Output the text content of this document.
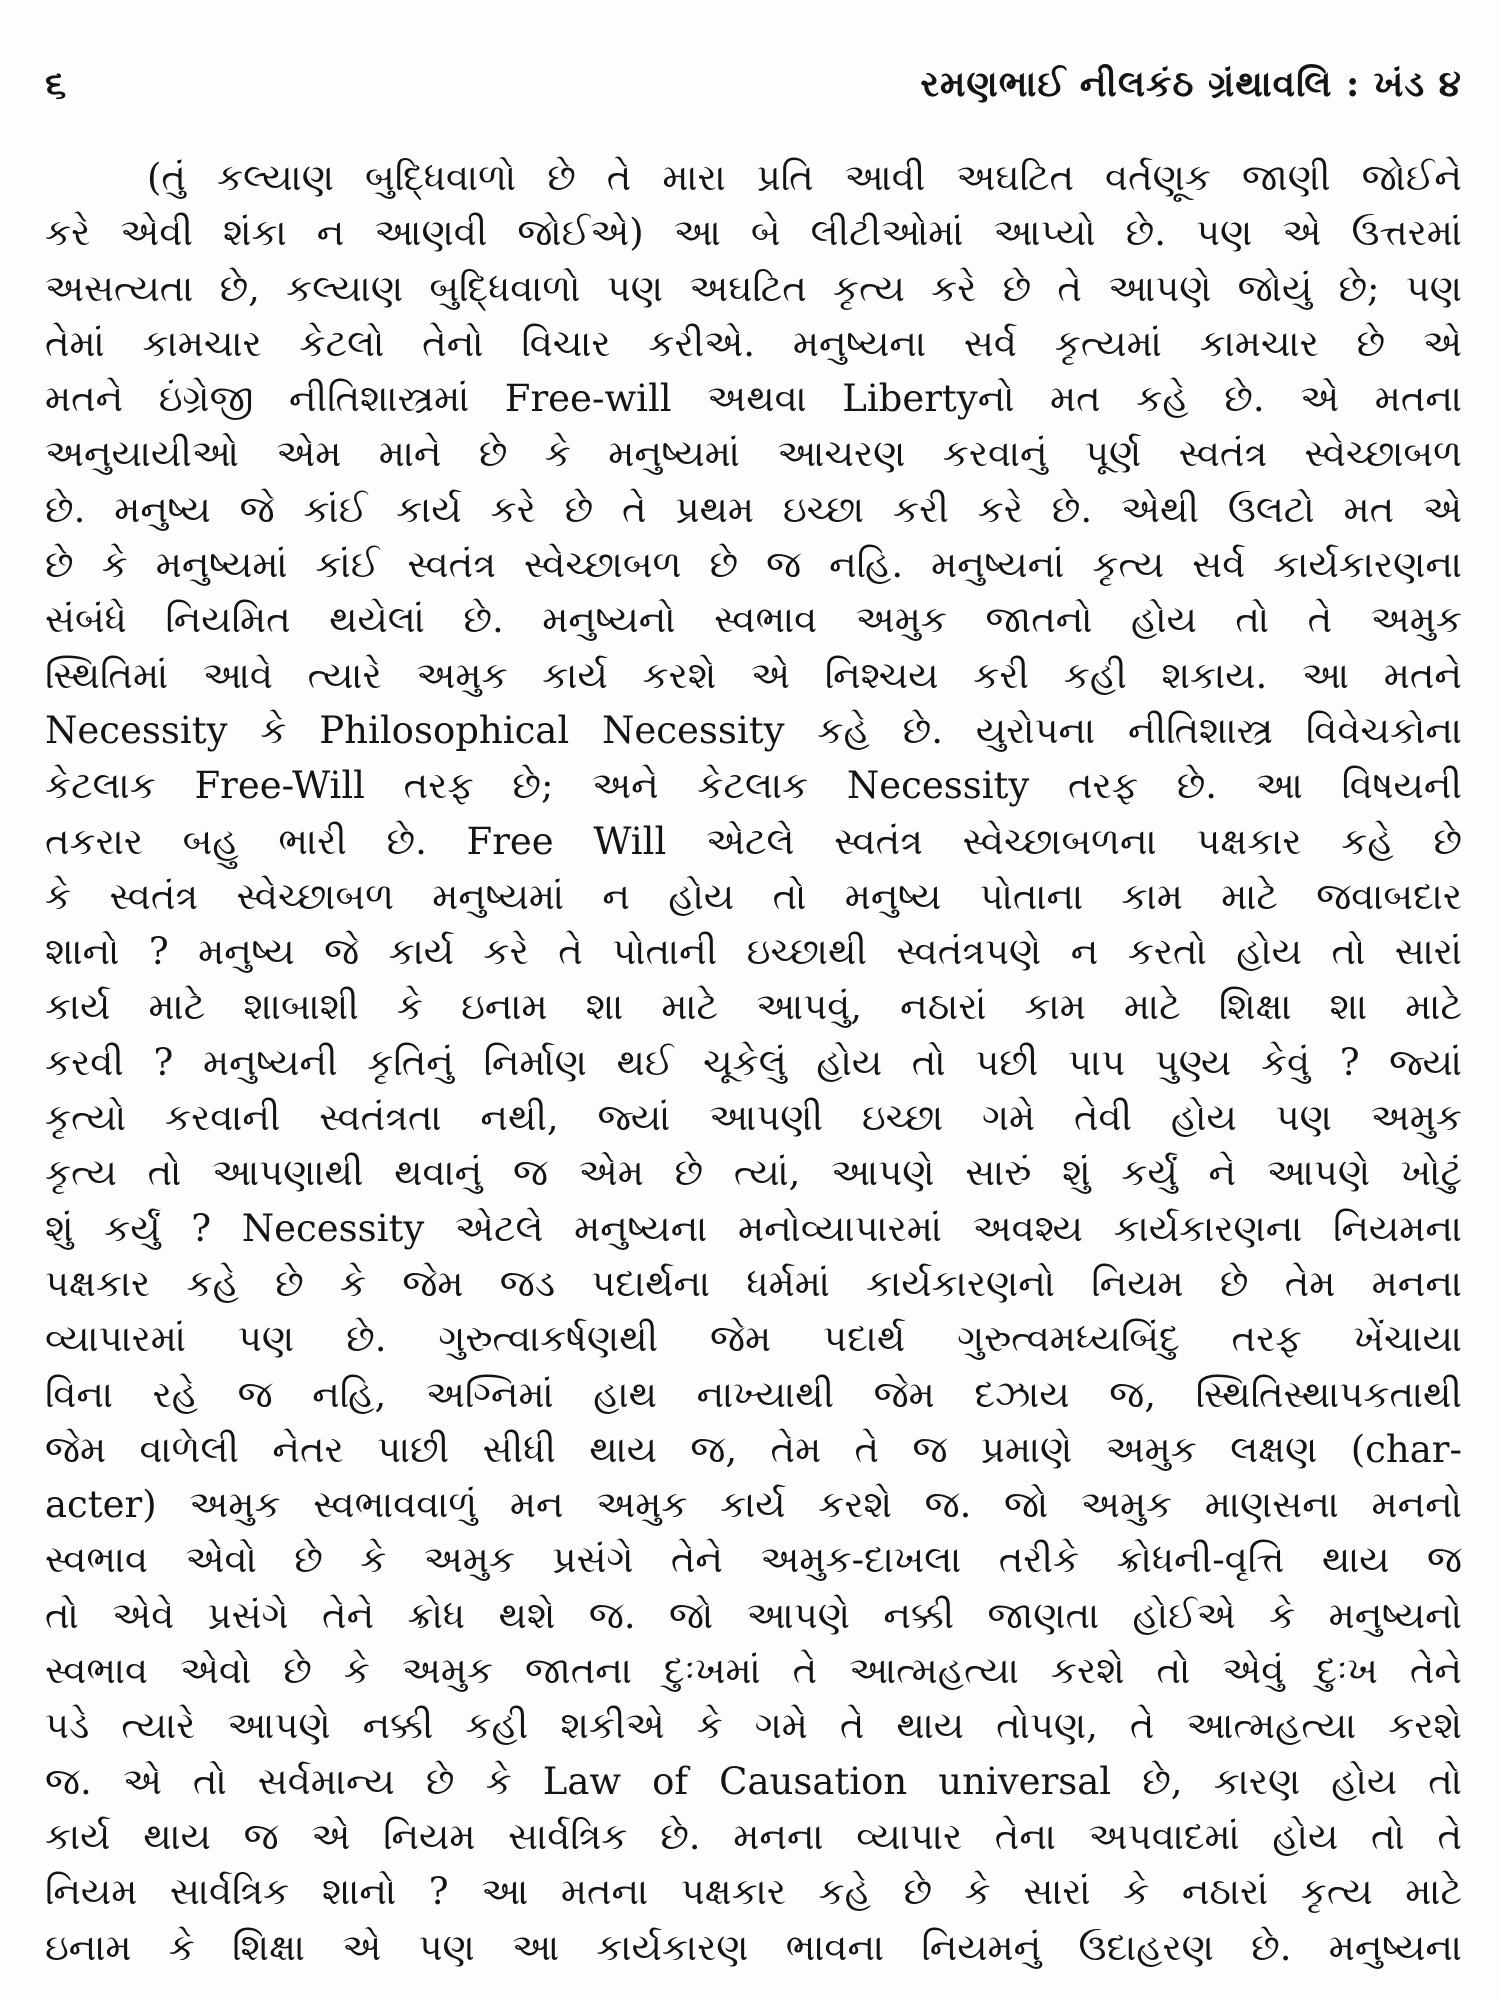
૬	રમણભાઈ નીલકંઠ ગ્રંથાવલિ : ખંડ ૪
(તું કલ્યાણ બુદ્ધિવાળો છે તે મારા પ્રતિ આવી અઘટિત વર્તણૂક જાણી જોઈને
કરે એવી શંકા ન આણવી જોઈએ) આ બે લીટીઓમાં આપ્યો છે. પણ એ ઉત્તરમાં
અસત્યતા છે, કલ્યાણ બુદ્ધિવાળો પણ અઘટિત કૃત્ય કરે છે તે આપણે જોયું છે; પણ
તેમાં કામચાર કેટલો તેનો વિચાર કરીએ. મનુષ્યના સર્વ કૃત્યમાં કામચાર છે એ
મતને ઇંગ્રેજી નીતિશાસ્ત્રમાં Free-will અથવા Libertyનો મત કહે છે. એ મતના
અનુયાયીઓ એમ માને છે કે મનુષ્યમાં આચરણ કરવાનું પૂર્ણ સ્વતંત્ર સ્વેચ્છાબળ
છે. મનુષ્ય જે કાંઈ કાર્ય કરે છે તે પ્રથમ ઇચ્છા કરી કરે છે. એથી ઉલટો મત એ
છે કે મનુષ્યમાં કાંઈ સ્વતંત્ર સ્વેચ્છાબળ છે જ નહિ. મનુષ્યનાં કૃત્ય સર્વ કાર્યકારણના
સંબંધે નિયમિત થયેલાં છે. મનુષ્યનો સ્વભાવ અમુક જાતનો હોય તો તે અમુક
સ્થિતિમાં આવે ત્યારે અમુક કાર્ય કરશે એ નિશ્ચય કરી કહી શકાય. આ મતને
Necessity કે Philosophical Necessity કહે છે. યુરોપના નીતિશાસ્ત્ર વિવેચકોના
કેટલાક Free-Will તરફ છે; અને કેટલાક Necessity તરફ છે. આ વિષયની
તકરાર બહુ ભારી છે. Free Will એટલે સ્વતંત્ર સ્વેચ્છાબળના પક્ષકાર કહે છે
કે સ્વતંત્ર સ્વેચ્છાબળ મનુષ્યમાં ન હોય તો મનુષ્ય પોતાના કામ માટે જવાબદાર
શાનો ? મનુષ્ય જે કાર્ય કરે તે પોતાની ઇચ્છાથી સ્વતંત્રપણે ન કરતો હોય તો સારાં
કાર્ય માટે શાબાશી કે ઇનામ શા માટે આપવું, નઠારાં કામ માટે શિક્ષા શા માટે
કરવી ? મનુષ્યની કૃતિનું નિર્માણ થઈ ચૂકેલું હોય તો પછી પાપ પુણ્ય કેવું ? જ્યાં
કૃત્યો કરવાની સ્વતંત્રતા નથી, જ્યાં આપણી ઇચ્છા ગમે તેવી હોય પણ અમુક
કૃત્ય તો આપણાથી થવાનું જ એમ છે ત્યાં, આપણે સારું શું કર્યું ને આપણે ખોટું
શું કર્યું ? Necessity એટલે મનુષ્યના મનોવ્યાપારમાં અવશ્ય કાર્યકારણના નિયમના
પક્ષકાર કહે છે કે જેમ જડ પદાર્થના ધર્મમાં કાર્યકારણનો નિયમ છે તેમ મનના
વ્યાપારમાં પણ છે. ગુરુત્વાકર્ષણથી જેમ પદાર્થ ગુરુત્વમધ્યબિંદુ તરફ ખેંચાયા
વિના રહે જ નહિ, અગ્નિમાં હાથ નાખ્યાથી જેમ દઝાય જ, સ્થિતિસ્થાપકતાથી
જેમ વાળેલી નેતર પાછી સીધી થાય જ, તેમ તે જ પ્રમાણે અમુક લક્ષણ (char-
acter) અમુક સ્વભાવવાળું મન અમુક કાર્ય કરશે જ. જો અમુક માણસના મનનો
સ્વભાવ એવો છે કે અમુક પ્રસંગે તેને અમુક-દાખલા તરીકે ક્રોધની-વૃત્તિ થાય જ
તો એવે પ્રસંગે તેને ક્રોધ થશે જ. જો આપણે નક્કી જાણતા હોઈએ કે મનુષ્યનો
સ્વભાવ એવો છે કે અમુક જાતના દુઃખમાં તે આત્મહત્યા કરશે તો એવું દુઃખ તેને
પડે ત્યારે આપણે નક્કી કહી શકીએ કે ગમે તે થાય તોપણ, તે આત્મહત્યા કરશે
જ. એ તો સર્વમાન્ય છે કે Law of Causation universal છે, કારણ હોય તો
કાર્ય થાય જ એ નિયમ સાર્વત્રિક છે. મનના વ્યાપાર તેના અપવાદમાં હોય તો તે
નિયમ સાર્વત્રિક શાનો ? આ મતના પક્ષકાર કહે છે કે સારાં કે નઠારાં કૃત્ય માટે
ઇનામ કે શિક્ષા એ પણ આ કાર્યકારણ ભાવના નિયમનું ઉદાહરણ છે. મનુષ્યના
